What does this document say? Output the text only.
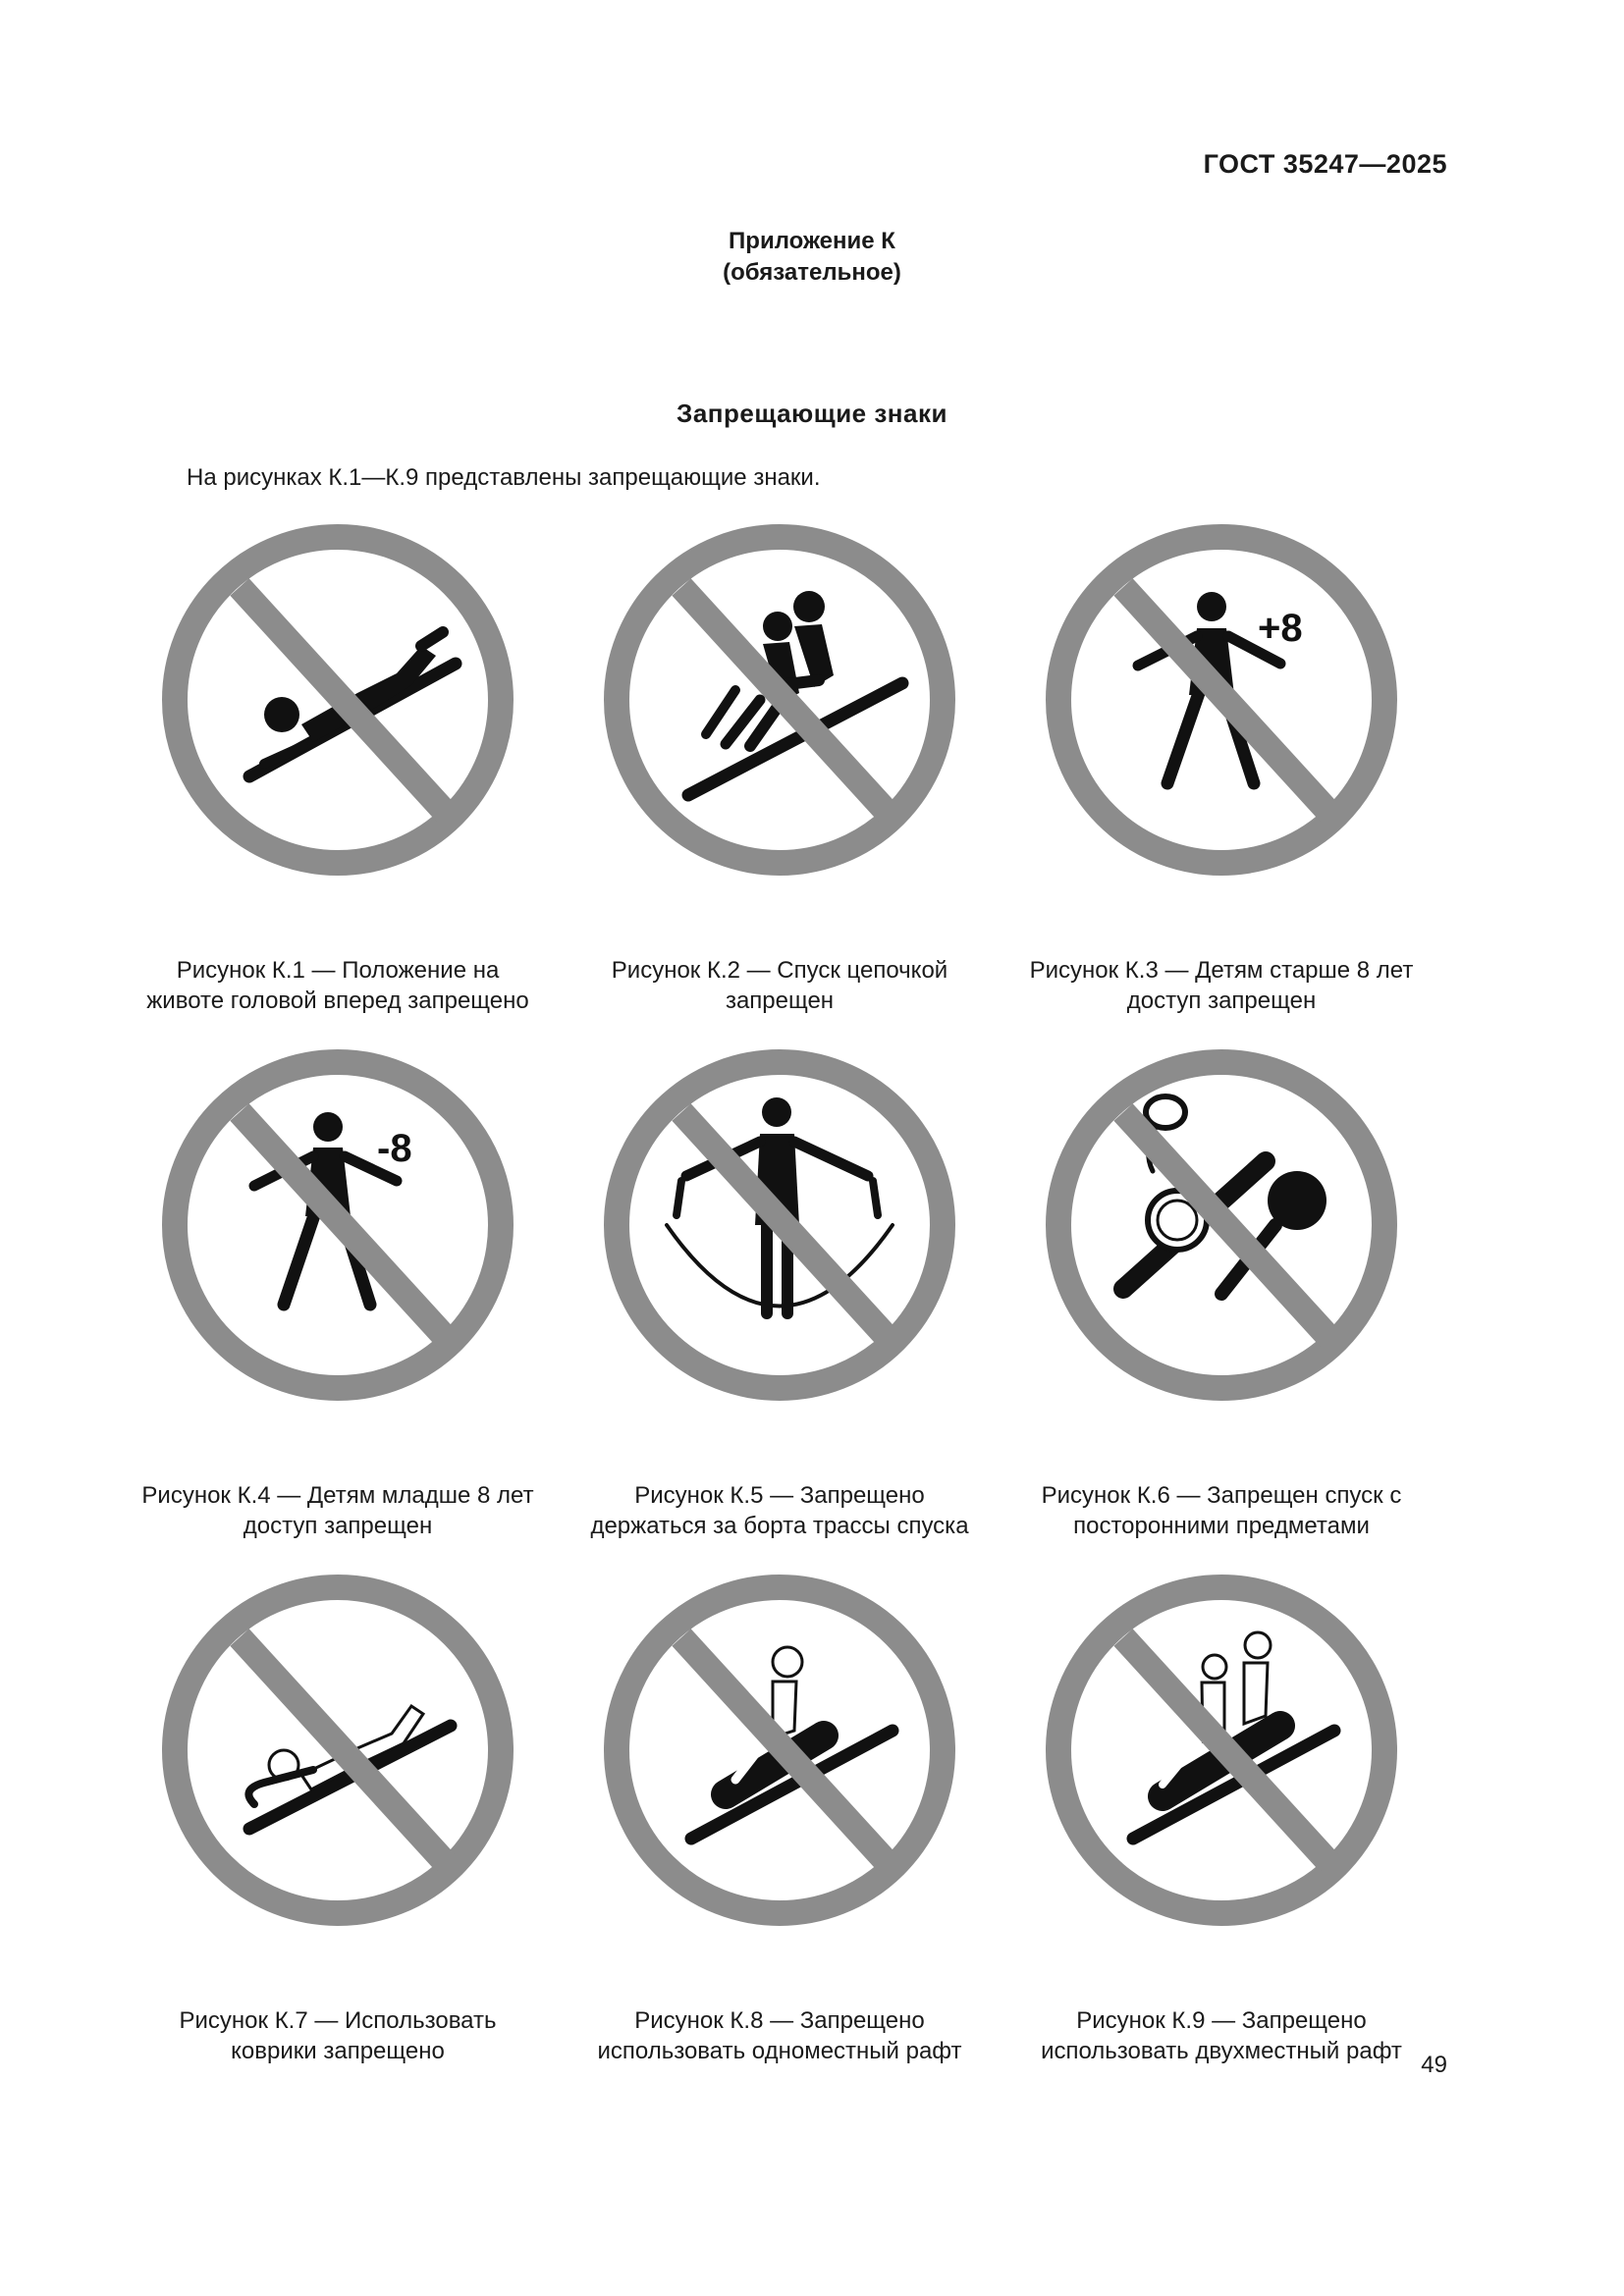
ГОСТ 35247—2025
Приложение К
(обязательное)
Запрещающие знаки
На рисунках К.1—К.9 представлены запрещающие знаки.
Рисунок К.1 — Положение на
животе головой вперед запрещено
Рисунок К.2 — Спуск цепочкой
запрещен
+8
Рисунок К.3 — Детям старше 8 лет
доступ запрещен
-8
Рисунок К.4 — Детям младше 8 лет
доступ запрещен
Рисунок К.5 — Запрещено
держаться за борта трассы спуска
Рисунок К.6 — Запрещен спуск с
посторонними предметами
Рисунок К.7 — Использовать
коврики запрещено
Рисунок К.8 — Запрещено
использовать одноместный рафт
Рисунок К.9 — Запрещено
использовать двухместный рафт
49
